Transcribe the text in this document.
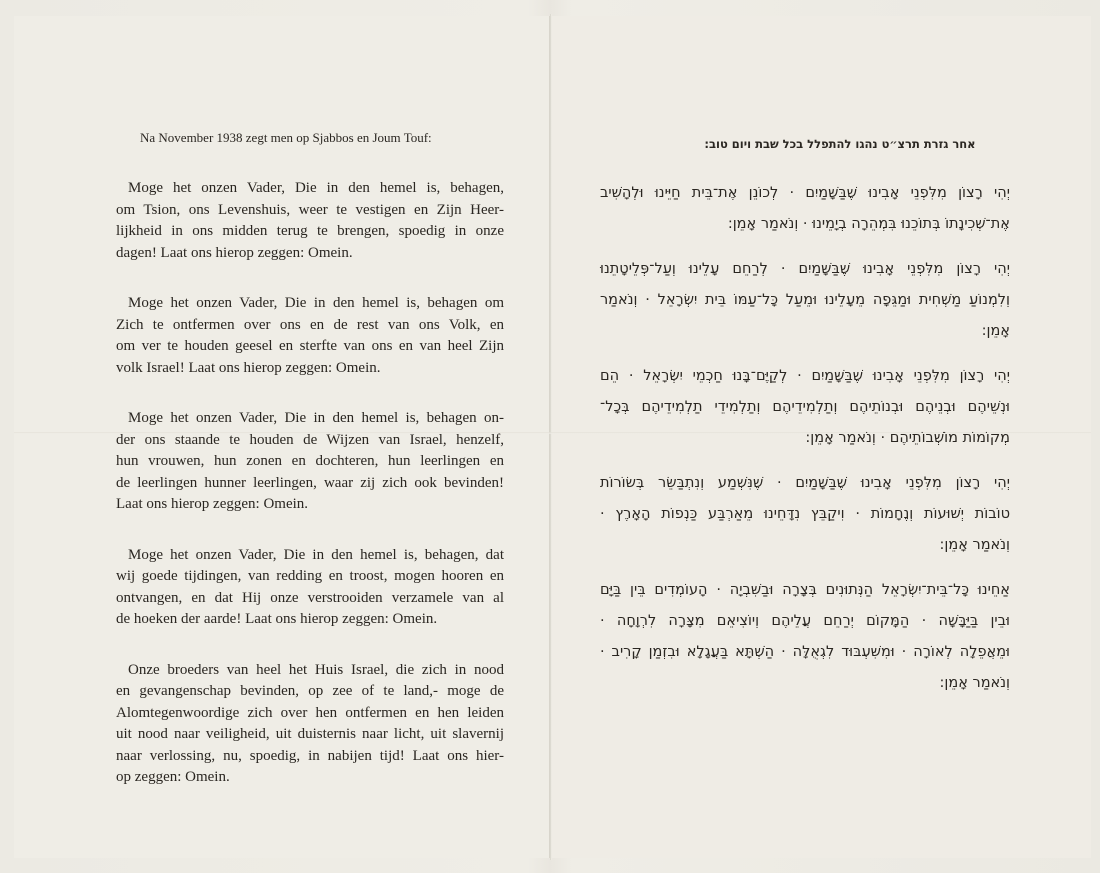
Na November 1938 zegt men op Sjabbos en Joum Touf:
Moge het onzen Vader, Die in den hemel is, behagen,
om Tsion, ons Levenshuis, weer te vestigen en Zijn Heer-
lijkheid in ons midden terug te brengen, spoedig in onze
dagen! Laat ons hierop zeggen: Omein.
Moge het onzen Vader, Die in den hemel is, behagen om
Zich te ontfermen over ons en de rest van ons Volk, en
om ver te houden geesel en sterfte van ons en van heel Zijn
volk Israel! Laat ons hierop zeggen: Omein.
Moge het onzen Vader, Die in den hemel is, behagen on-
der ons staande te houden de Wijzen van Israel, henzelf,
hun vrouwen, hun zonen en dochteren, hun leerlingen en
de leerlingen hunner leerlingen, waar zij zich ook bevinden!
Laat ons hierop zeggen: Omein.
Moge het onzen Vader, Die in den hemel is, behagen, dat
wij goede tijdingen, van redding en troost, mogen hooren en
ontvangen, en dat Hij onze verstrooiden verzamele van al
de hoeken der aarde! Laat ons hierop zeggen: Omein.
Onze broeders van heel het Huis Israel, die zich in nood
en gevangenschap bevinden, op zee of te land,- moge de
Alomtegenwoordige zich over hen ontfermen en hen leiden
uit nood naar veiligheid, uit duisternis naar licht, uit slavernij
naar verlossing, nu, spoedig, in nabijen tijd! Laat ons hier-
op zeggen: Omein.
אחר גזרת תרצ״ט נהגו להתפלל בכל שבת ויום טוב:
יְהִי רָצוֹן מִלִּפְנֵי אָבִינוּ שֶׁבַּשָּׁמַיִם · לְכוֹנֵן אֶת־בֵּית חַיֵּינוּ וּלְהָשִׁיב
אֶת־שְׁכִינָתוֹ בְּתוֹכֵנוּ בִּמְהֵרָה בְיָמֵינוּ · וְנֹאמַר אָמֵן:
יְהִי רָצוֹן מִלִּפְנֵי אָבִינוּ שֶׁבַּשָּׁמַיִם · לְרַחֵם עָלֵינוּ וְעַל־פְּלֵיטָתֵנוּ
וְלִמְנוֹעַ מַשְׁחִית וּמַגֵּפָה מֵעָלֵינוּ וּמֵעַל כָּל־עַמּוֹ בֵּית יִשְׂרָאֵל · וְנֹאמַר
אָמֵן:
יְהִי רָצוֹן מִלִּפְנֵי אָבִינוּ שֶׁבַּשָּׁמַיִם · לְקַיֶּם־בָּנוּ חַכְמֵי יִשְׂרָאֵל · הֵם
וּנְשֵׁיהֶם וּבְנֵיהֶם וּבְנוֹתֵיהֶם וְתַלְמִידֵיהֶם וְתַלְמִידֵי תַלְמִידֵיהֶם בְּכָל־
מְקוֹמוֹת מוֹשְׁבוֹתֵיהֶם · וְנֹאמַר אָמֵן:
יְהִי רָצוֹן מִלִּפְנֵי אָבִינוּ שֶׁבַּשָּׁמַיִם · שֶׁנִּשְׁמַע וְנִתְבַּשֵּׂר בְּשׂוֹרוֹת
טוֹבוֹת יְשׁוּעוֹת וְנֶחָמוֹת · וִיקַבֵּץ נִדָּחֵינוּ מֵאַרְבַּע כַּנְפוֹת הָאָרֶץ ·
וְנֹאמַר אָמֵן:
אַחֵינוּ כָּל־בֵּית־יִשְׂרָאֵל הַנְּתוּנִים בְּצָרָה וּבַשִּׁבְיָה · הָעוֹמְדִים בֵּין בַּיָּם
וּבֵין בַּיַּבָּשָׁה · הַמָּקוֹם יְרַחֵם עֲלֵיהֶם וְיוֹצִיאֵם מִצָּרָה לִרְוָחָה ·
וּמֵאֲפֵלָה לְאוֹרָה · וּמִשִּׁעְבּוּד לִגְאֻלָּה · הַשְׁתָּא בַּעֲגָלָא וּבִזְמַן קָרִיב ·
וְנֹאמַר אָמֵן:
